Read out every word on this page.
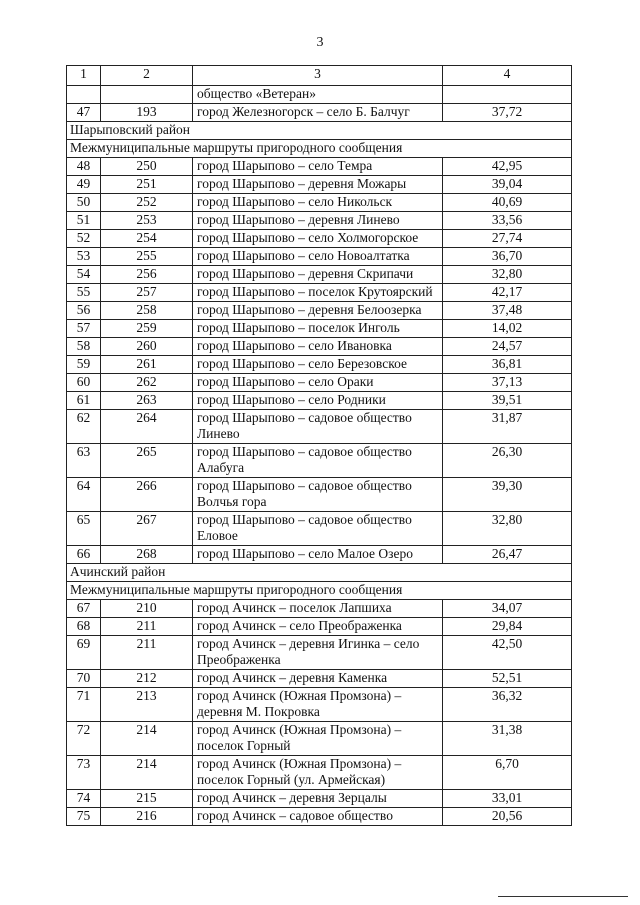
3
1	2	3	4
		общество «Ветеран»	
47	193	город Железногорск – село Б. Балчуг	37,72
Шарыповский район			
Межмуниципальные маршруты пригородного сообщения			
48	250	город Шарыпово – село Темра	42,95
49	251	город Шарыпово – деревня Можары	39,04
50	252	город Шарыпово – село Никольск	40,69
51	253	город Шарыпово – деревня Линево	33,56
52	254	город Шарыпово – село Холмогорское	27,74
53	255	город Шарыпово – село Новоалтатка	36,70
54	256	город Шарыпово – деревня Скрипачи	32,80
55	257	город Шарыпово – поселок Крутоярский	42,17
56	258	город Шарыпово – деревня Белоозерка	37,48
57	259	город Шарыпово – поселок Инголь	14,02
58	260	город Шарыпово – село Ивановка	24,57
59	261	город Шарыпово – село Березовское	36,81
60	262	город Шарыпово – село Ораки	37,13
61	263	город Шарыпово – село Родники	39,51
62	264	город Шарыпово – садовое общество Линево	31,87
63	265	город Шарыпово – садовое общество Алабуга	26,30
64	266	город Шарыпово – садовое общество Волчья гора	39,30
65	267	город Шарыпово – садовое общество Еловое	32,80
66	268	город Шарыпово – село Малое Озеро	26,47
Ачинский район			
Межмуниципальные маршруты пригородного сообщения			
67	210	город Ачинск – поселок Лапшиха	34,07
68	211	город Ачинск – село Преображенка	29,84
69	211	город Ачинск – деревня Игинка – село Преображенка	42,50
70	212	город Ачинск – деревня Каменка	52,51
71	213	город Ачинск (Южная Промзона) – деревня М. Покровка	36,32
72	214	город Ачинск (Южная Промзона) – поселок Горный	31,38
73	214	город Ачинск (Южная Промзона) – поселок Горный (ул. Армейская)	6,70
74	215	город Ачинск – деревня Зерцалы	33,01
75	216	город Ачинск – садовое общество	20,56
